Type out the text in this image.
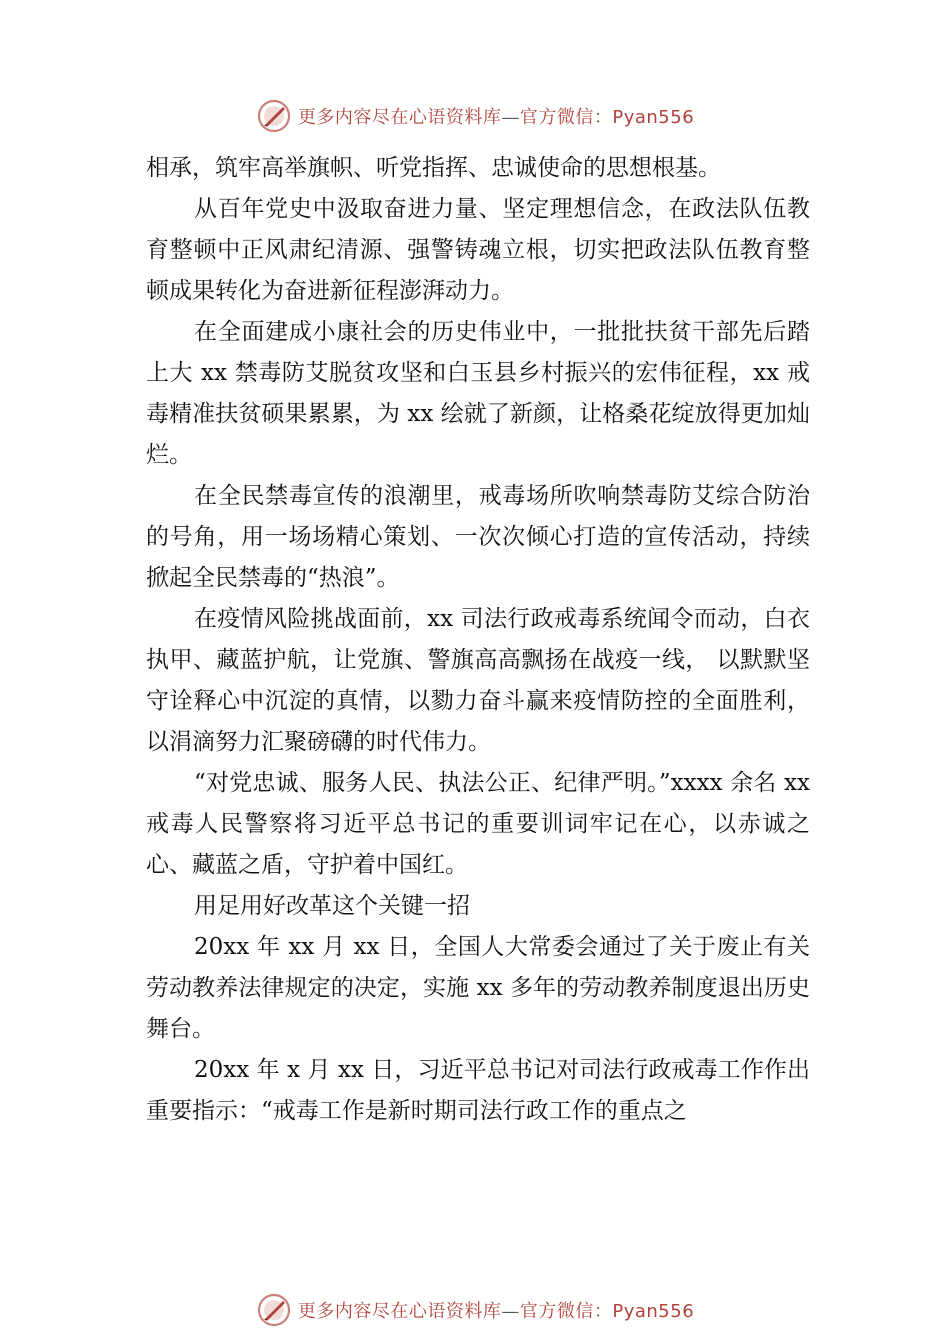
更多内容尽在心语资料库—官方微信：Pyan556

相承，筑牢高举旗帜、听党指挥、忠诚使命的思想根基。

从百年党史中汲取奋进力量、坚定理想信念，在政法队伍教育整顿中正风肃纪清源、强警铸魂立根，切实把政法队伍教育整顿成果转化为奋进新征程澎湃动力。

在全面建成小康社会的历史伟业中，一批批扶贫干部先后踏上大 xx 禁毒防艾脱贫攻坚和白玉县乡村振兴的宏伟征程，xx 戒毒精准扶贫硕果累累，为 xx 绘就了新颜，让格桑花绽放得更加灿烂。

在全民禁毒宣传的浪潮里，戒毒场所吹响禁毒防艾综合防治的号角，用一场场精心策划、一次次倾心打造的宣传活动，持续掀起全民禁毒的“热浪”。

在疫情风险挑战面前，xx 司法行政戒毒系统闻令而动，白衣执甲、藏蓝护航，让党旗、警旗高高飘扬在战疫一线， 以默默坚守诠释心中沉淀的真情，以勠力奋斗赢来疫情防控的全面胜利，以涓滴努力汇聚磅礴的时代伟力。

“对党忠诚、服务人民、执法公正、纪律严明。”xxxx 余名 xx 戒毒人民警察将习近平总书记的重要训词牢记在心，以赤诚之心、藏蓝之盾，守护着中国红。

用足用好改革这个关键一招

20xx 年 xx 月 xx 日，全国人大常委会通过了关于废止有关劳动教养法律规定的决定，实施 xx 多年的劳动教养制度退出历史舞台。

20xx 年 x 月 xx 日，习近平总书记对司法行政戒毒工作作出重要指示：“戒毒工作是新时期司法行政工作的重点之

更多内容尽在心语资料库—官方微信：Pyan556
